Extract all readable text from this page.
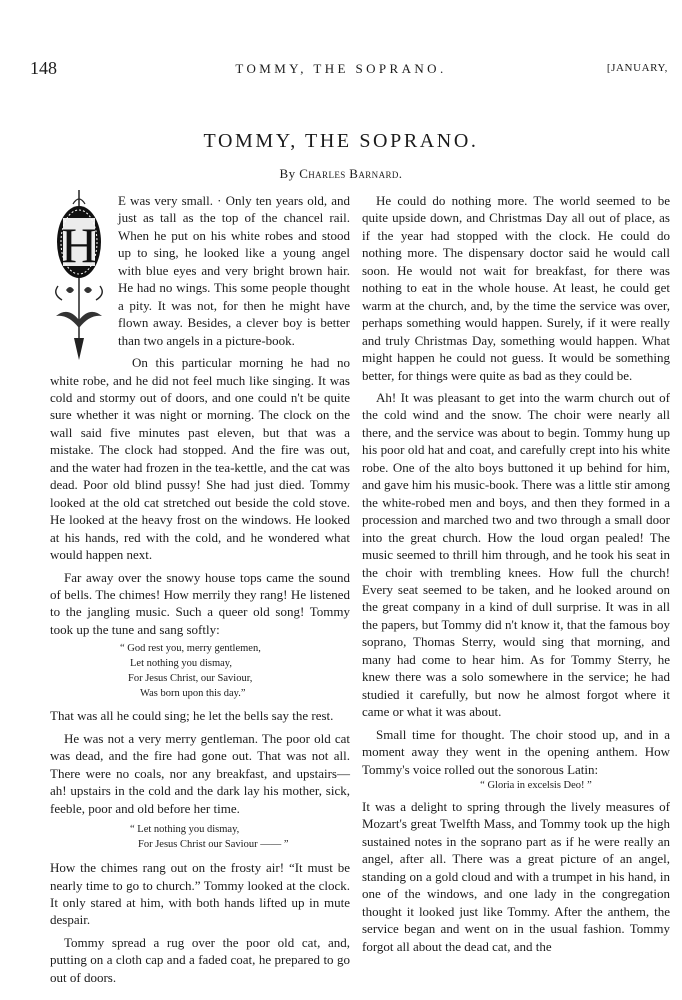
148	TOMMY, THE SOPRANO.	[JANUARY,
TOMMY, THE SOPRANO.
By Charles Barnard.
H

E was very small. · Only ten years old, and just as tall as the top of the chancel rail. When he put on his white robes and stood up to sing, he looked like a young angel with blue eyes and very bright brown hair. He had no wings. This some people thought a pity. It was not, for then he might have flown away. Besides, a clever boy is better than two angels in a picture-book.

On this particular morning he had no white robe, and he did not feel much like singing. It was cold and stormy out of doors, and one could n't be quite sure whether it was night or morning. The clock on the wall said five minutes past eleven, but that was a mistake. The clock had stopped. And the fire was out, and the water had frozen in the tea-kettle, and the cat was dead. Poor old blind pussy! She had just died. Tommy looked at the old cat stretched out beside the cold stove. He looked at the heavy frost on the windows. He looked at his hands, red with the cold, and he wondered what would happen next.

Far away over the snowy house tops came the sound of bells. The chimes! How merrily they rang! He listened to the jangling music. Such a queer old song! Tommy took up the tune and sang softly:

“ God rest you, merry gentlemen,
Let nothing you dismay,
For Jesus Christ, our Saviour,
Was born upon this day.”

That was all he could sing; he let the bells say the rest.

He was not a very merry gentleman. The poor old cat was dead, and the fire had gone out. That was not all. There were no coals, nor any breakfast, and upstairs—ah! upstairs in the cold and the dark lay his mother, sick, feeble, poor and old before her time.

“ Let nothing you dismay,
For Jesus Christ our Saviour —— ”

How the chimes rang out on the frosty air! “It must be nearly time to go to church.” Tommy looked at the clock. It only stared at him, with both hands lifted up in mute despair.

Tommy spread a rug over the poor old cat, and, putting on a cloth cap and a faded coat, he prepared to go out of doors.

He could do nothing more. The world seemed to be quite upside down, and Christmas Day all out of place, as if the year had stopped with the clock. He could do nothing more. The dispensary doctor said he would call soon. He would not wait for breakfast, for there was nothing to eat in the whole house. At least, he could get warm at the church, and, by the time the service was over, perhaps something would happen. Surely, if it were really and truly Christmas Day, something would happen. What might happen he could not guess. It would be something better, for things were quite as bad as they could be.

Ah! It was pleasant to get into the warm church out of the cold wind and the snow. The choir were nearly all there, and the service was about to begin. Tommy hung up his poor old hat and coat, and carefully crept into his white robe. One of the alto boys buttoned it up behind for him, and gave him his music-book. There was a little stir among the white-robed men and boys, and then they formed in a procession and marched two and two through a small door into the great church. How the loud organ pealed! The music seemed to thrill him through, and he took his seat in the choir with trembling knees. How full the church! Every seat seemed to be taken, and he looked around on the great company in a kind of dull surprise. It was in all the papers, but Tommy did n't know it, that the famous boy soprano, Thomas Sterry, would sing that morning, and many had come to hear him. As for Tommy Sterry, he knew there was a solo somewhere in the service; he had studied it carefully, but now he almost forgot where it came or what it was about.

Small time for thought. The choir stood up, and in a moment away they went in the opening anthem. How Tommy's voice rolled out the sonorous Latin:

“ Gloria in excelsis Deo! ”

It was a delight to spring through the lively measures of Mozart's great Twelfth Mass, and Tommy took up the high sustained notes in the soprano part as if he were really an angel, after all. There was a great picture of an angel, standing on a gold cloud and with a trumpet in his hand, in one of the windows, and one lady in the congregation thought it looked just like Tommy. After the anthem, the service began and went on in the usual fashion. Tommy forgot all about the dead cat, and the
